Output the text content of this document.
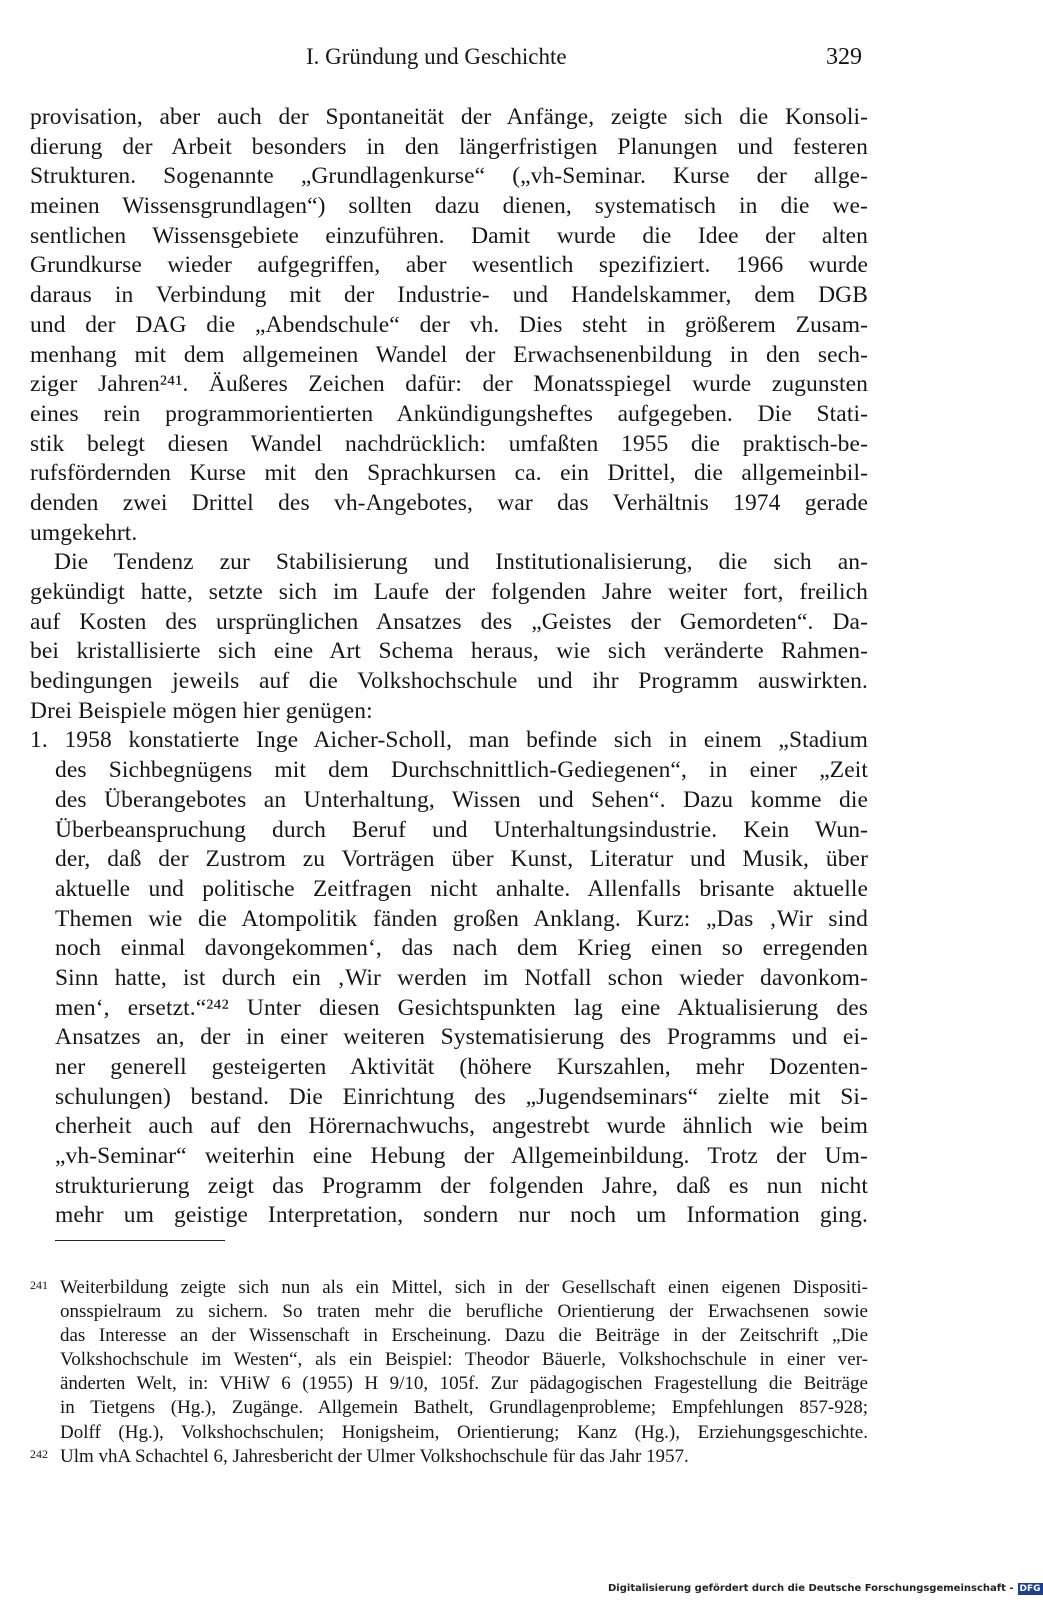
I. Gründung und Geschichte	329
provisation, aber auch der Spontaneität der Anfänge, zeigte sich die Konsoli-
dierung der Arbeit besonders in den längerfristigen Planungen und festeren
Strukturen. Sogenannte „Grundlagenkurse“ („vh-Seminar. Kurse der allge-
meinen Wissensgrundlagen“) sollten dazu dienen, systematisch in die we-
sentlichen Wissensgebiete einzuführen. Damit wurde die Idee der alten
Grundkurse wieder aufgegriffen, aber wesentlich spezifiziert. 1966 wurde
daraus in Verbindung mit der Industrie- und Handelskammer, dem DGB
und der DAG die „Abendschule“ der vh. Dies steht in größerem Zusam-
menhang mit dem allgemeinen Wandel der Erwachsenenbildung in den sech-
ziger Jahren²⁴¹. Äußeres Zeichen dafür: der Monatsspiegel wurde zugunsten
eines rein programmorientierten Ankündigungsheftes aufgegeben. Die Stati-
stik belegt diesen Wandel nachdrücklich: umfaßten 1955 die praktisch-be-
rufsfördernden Kurse mit den Sprachkursen ca. ein Drittel, die allgemeinbil-
denden zwei Drittel des vh-Angebotes, war das Verhältnis 1974 gerade
umgekehrt.
Die Tendenz zur Stabilisierung und Institutionalisierung, die sich an-
gekündigt hatte, setzte sich im Laufe der folgenden Jahre weiter fort, freilich
auf Kosten des ursprünglichen Ansatzes des „Geistes der Gemordeten“. Da-
bei kristallisierte sich eine Art Schema heraus, wie sich veränderte Rahmen-
bedingungen jeweils auf die Volkshochschule und ihr Programm auswirkten.
Drei Beispiele mögen hier genügen:
1. 1958 konstatierte Inge Aicher-Scholl, man befinde sich in einem „Stadium
des Sichbegnügens mit dem Durchschnittlich-Gediegenen“, in einer „Zeit
des Überangebotes an Unterhaltung, Wissen und Sehen“. Dazu komme die
Überbeanspruchung durch Beruf und Unterhaltungsindustrie. Kein Wun-
der, daß der Zustrom zu Vorträgen über Kunst, Literatur und Musik, über
aktuelle und politische Zeitfragen nicht anhalte. Allenfalls brisante aktuelle
Themen wie die Atompolitik fänden großen Anklang. Kurz: „Das ‚Wir sind
noch einmal davongekommen‘, das nach dem Krieg einen so erregenden
Sinn hatte, ist durch ein ‚Wir werden im Notfall schon wieder davonkom-
men‘, ersetzt.“²⁴² Unter diesen Gesichtspunkten lag eine Aktualisierung des
Ansatzes an, der in einer weiteren Systematisierung des Programms und ei-
ner generell gesteigerten Aktivität (höhere Kurszahlen, mehr Dozenten-
schulungen) bestand. Die Einrichtung des „Jugendseminars“ zielte mit Si-
cherheit auch auf den Hörernachwuchs, angestrebt wurde ähnlich wie beim
„vh-Seminar“ weiterhin eine Hebung der Allgemeinbildung. Trotz der Um-
strukturierung zeigt das Programm der folgenden Jahre, daß es nun nicht
mehr um geistige Interpretation, sondern nur noch um Information ging.
241 Weiterbildung zeigte sich nun als ein Mittel, sich in der Gesellschaft einen eigenen Dispositi-
onsspielraum zu sichern. So traten mehr die berufliche Orientierung der Erwachsenen sowie
das Interesse an der Wissenschaft in Erscheinung. Dazu die Beiträge in der Zeitschrift „Die
Volkshochschule im Westen“, als ein Beispiel: Theodor Bäuerle, Volkshochschule in einer ver-
änderten Welt, in: VHiW 6 (1955) H 9/10, 105f. Zur pädagogischen Fragestellung die Beiträge
in Tietgens (Hg.), Zugänge. Allgemein Bathelt, Grundlagenprobleme; Empfehlungen 857-928;
Dolff (Hg.), Volkshochschulen; Honigsheim, Orientierung; Kanz (Hg.), Erziehungsgeschichte.
242 Ulm vhA Schachtel 6, Jahresbericht der Ulmer Volkshochschule für das Jahr 1957.
Digitalisierung gefördert durch die Deutsche Forschungsgemeinschaft - DFG
